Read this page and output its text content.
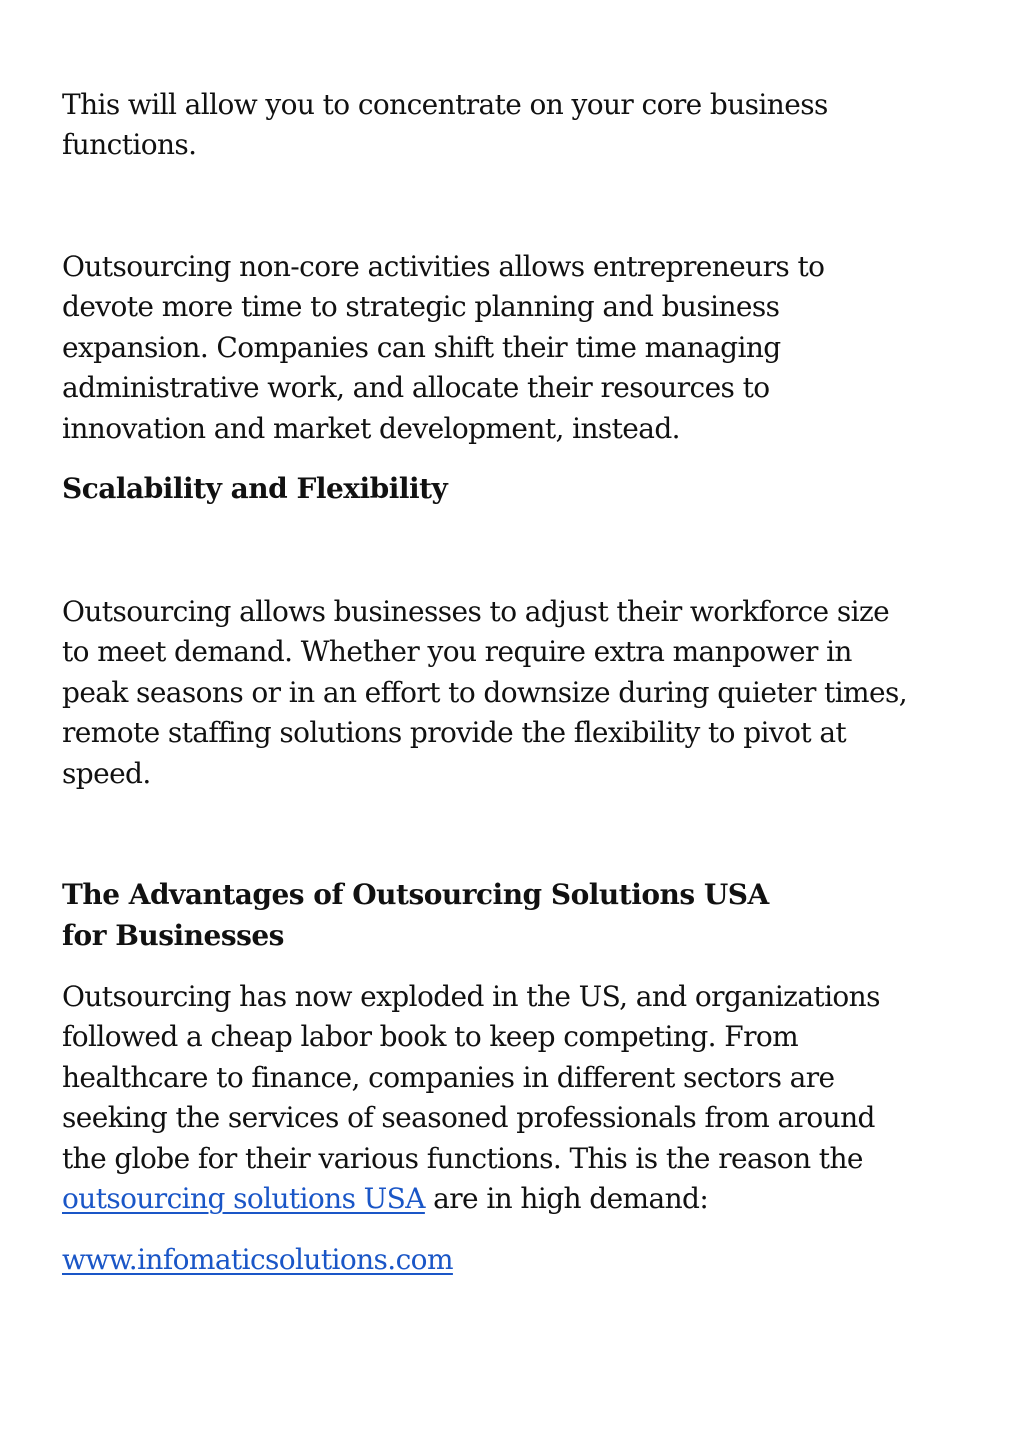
This will allow you to concentrate on your core business
functions.
Outsourcing non-core activities allows entrepreneurs to
devote more time to strategic planning and business
expansion. Companies can shift their time managing
administrative work, and allocate their resources to
innovation and market development, instead.
Scalability and Flexibility
Outsourcing allows businesses to adjust their workforce size
to meet demand. Whether you require extra manpower in
peak seasons or in an effort to downsize during quieter times,
remote staffing solutions provide the flexibility to pivot at
speed.
The Advantages of Outsourcing Solutions USA
for Businesses
Outsourcing has now exploded in the US, and organizations
followed a cheap labor book to keep competing. From
healthcare to finance, companies in different sectors are
seeking the services of seasoned professionals from around
the globe for their various functions. This is the reason the
outsourcing solutions USA are in high demand:
www.infomaticsolutions.com
